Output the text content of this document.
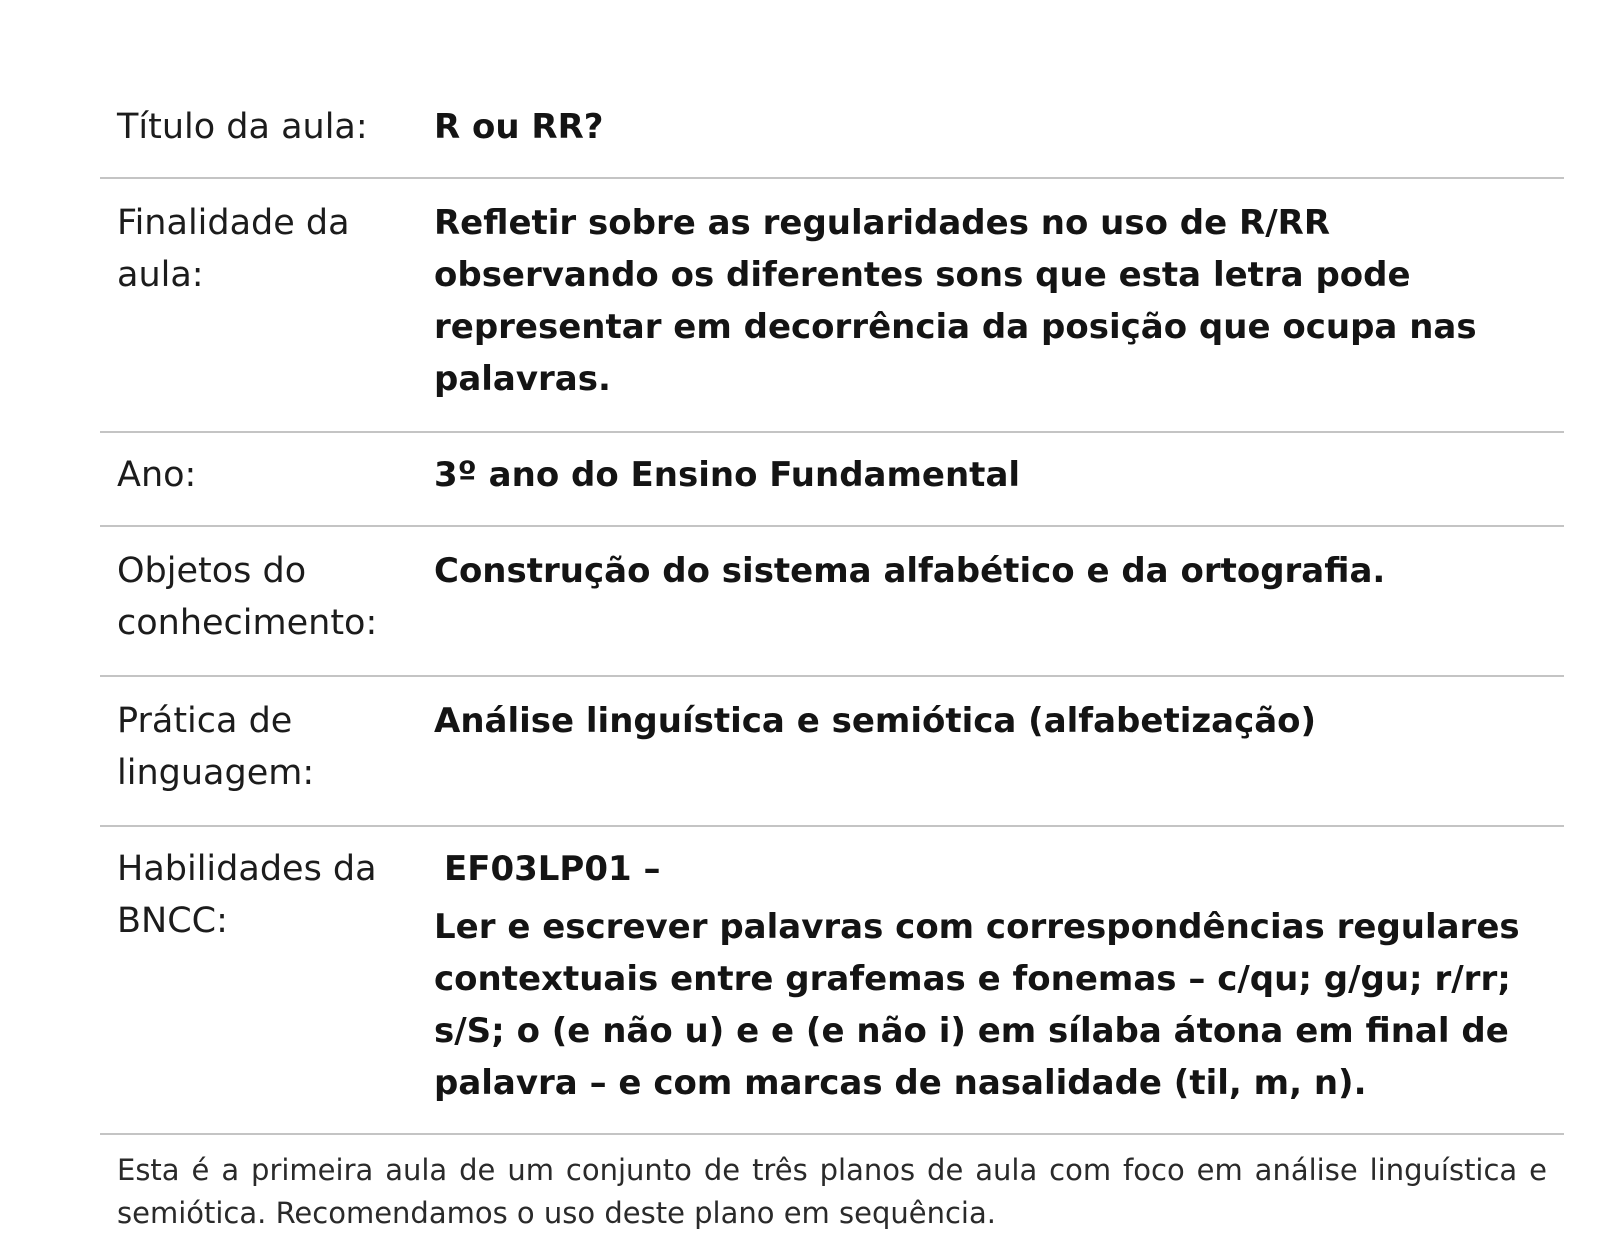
Título da aula:	R ou RR?
Finalidade da aula:
Refletir sobre as regularidades no uso de R/RR observando os diferentes sons que esta letra pode representar em decorrência da posição que ocupa nas palavras.
Ano:	3º ano do Ensino Fundamental
Objetos do conhecimento:
Construção do sistema alfabético e da ortografia.
Prática de linguagem:
Análise linguística e semiótica (alfabetização)
Habilidades da BNCC:
EF03LP01 –
Ler e escrever palavras com correspondências regulares contextuais entre grafemas e fonemas – c/qu; g/gu; r/rr; s/S; o (e não u) e e (e não i) em sílaba átona em final de palavra – e com marcas de nasalidade (til, m, n).
Esta é a primeira aula de um conjunto de três planos de aula com foco em análise linguística e semiótica. Recomendamos o uso deste plano em sequência.
